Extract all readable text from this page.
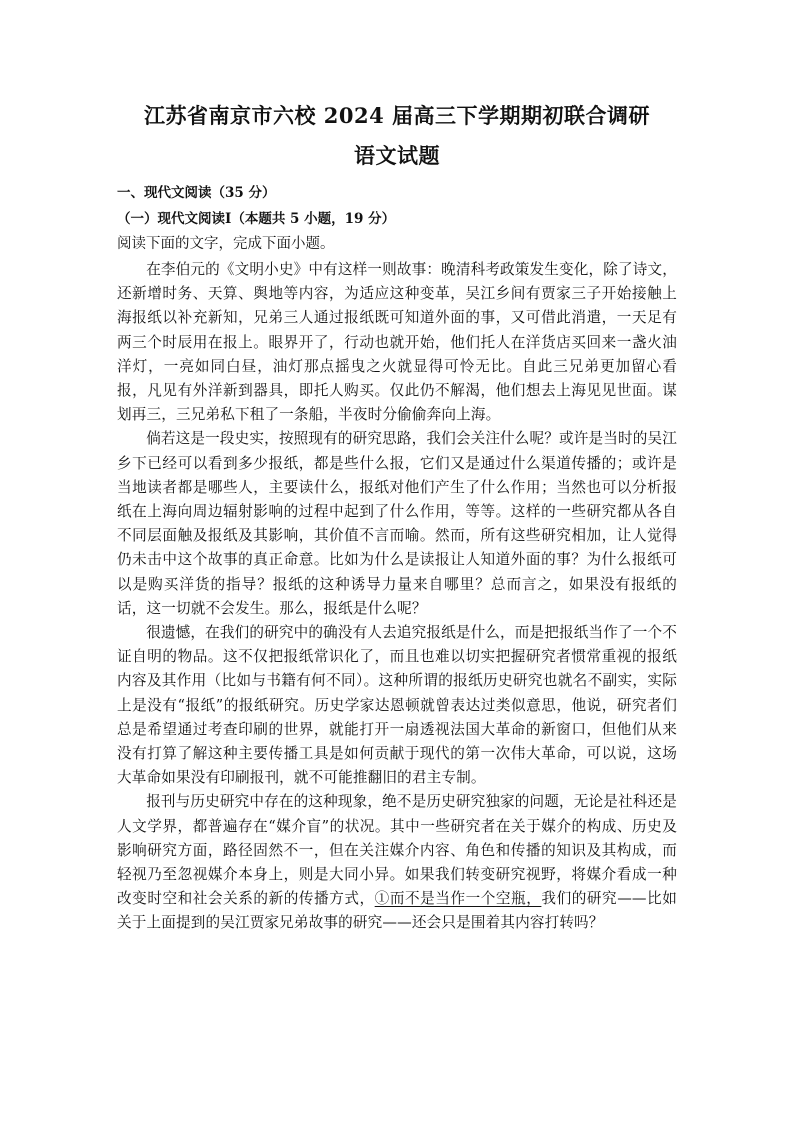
江苏省南京市六校 2024 届高三下学期期初联合调研
语文试题
一、现代文阅读（35 分）
（一）现代文阅读Ⅰ（本题共 5 小题，19 分）
阅读下面的文字，完成下面小题。

在李伯元的《文明小史》中有这样一则故事：晚清科考政策发生变化，除了诗文，还新增时务、天算、舆地等内容，为适应这种变革，吴江乡间有贾家三子开始接触上海报纸以补充新知，兄弟三人通过报纸既可知道外面的事，又可借此消遣，一天足有两三个时辰用在报上。眼界开了，行动也就开始，他们托人在洋货店买回来一盏火油洋灯，一亮如同白昼，油灯那点摇曳之火就显得可怜无比。自此三兄弟更加留心看报，凡见有外洋新到器具，即托人购买。仅此仍不解渴，他们想去上海见见世面。谋划再三，三兄弟私下租了一条船，半夜时分偷偷奔向上海。

倘若这是一段史实，按照现有的研究思路，我们会关注什么呢？或许是当时的吴江乡下已经可以看到多少报纸，都是些什么报，它们又是通过什么渠道传播的；或许是当地读者都是哪些人，主要读什么，报纸对他们产生了什么作用；当然也可以分析报纸在上海向周边辐射影响的过程中起到了什么作用，等等。这样的一些研究都从各自不同层面触及报纸及其影响，其价值不言而喻。然而，所有这些研究相加，让人觉得仍未击中这个故事的真正命意。比如为什么是读报让人知道外面的事？为什么报纸可以是购买洋货的指导？报纸的这种诱导力量来自哪里？总而言之，如果没有报纸的话，这一切就不会发生。那么，报纸是什么呢？

很遗憾，在我们的研究中的确没有人去追究报纸是什么，而是把报纸当作了一个不证自明的物品。这不仅把报纸常识化了，而且也难以切实把握研究者惯常重视的报纸内容及其作用（比如与书籍有何不同）。这种所谓的报纸历史研究也就名不副实，实际上是没有“报纸”的报纸研究。历史学家达恩顿就曾表达过类似意思，他说，研究者们总是希望通过考查印刷的世界，就能打开一扇透视法国大革命的新窗口，但他们从来没有打算了解这种主要传播工具是如何贡献于现代的第一次伟大革命，可以说，这场大革命如果没有印刷报刊，就不可能推翻旧的君主专制。

报刊与历史研究中存在的这种现象，绝不是历史研究独家的问题，无论是社科还是人文学界，都普遍存在“媒介盲”的状况。其中一些研究者在关于媒介的构成、历史及影响研究方面，路径固然不一，但在关注媒介内容、角色和传播的知识及其构成，而轻视乃至忽视媒介本身上，则是大同小异。如果我们转变研究视野，将媒介看成一种改变时空和社会关系的新的传播方式，①而不是当作一个空瓶，我们的研究——比如关于上面提到的吴江贾家兄弟故事的研究——还会只是围着其内容打转吗？
